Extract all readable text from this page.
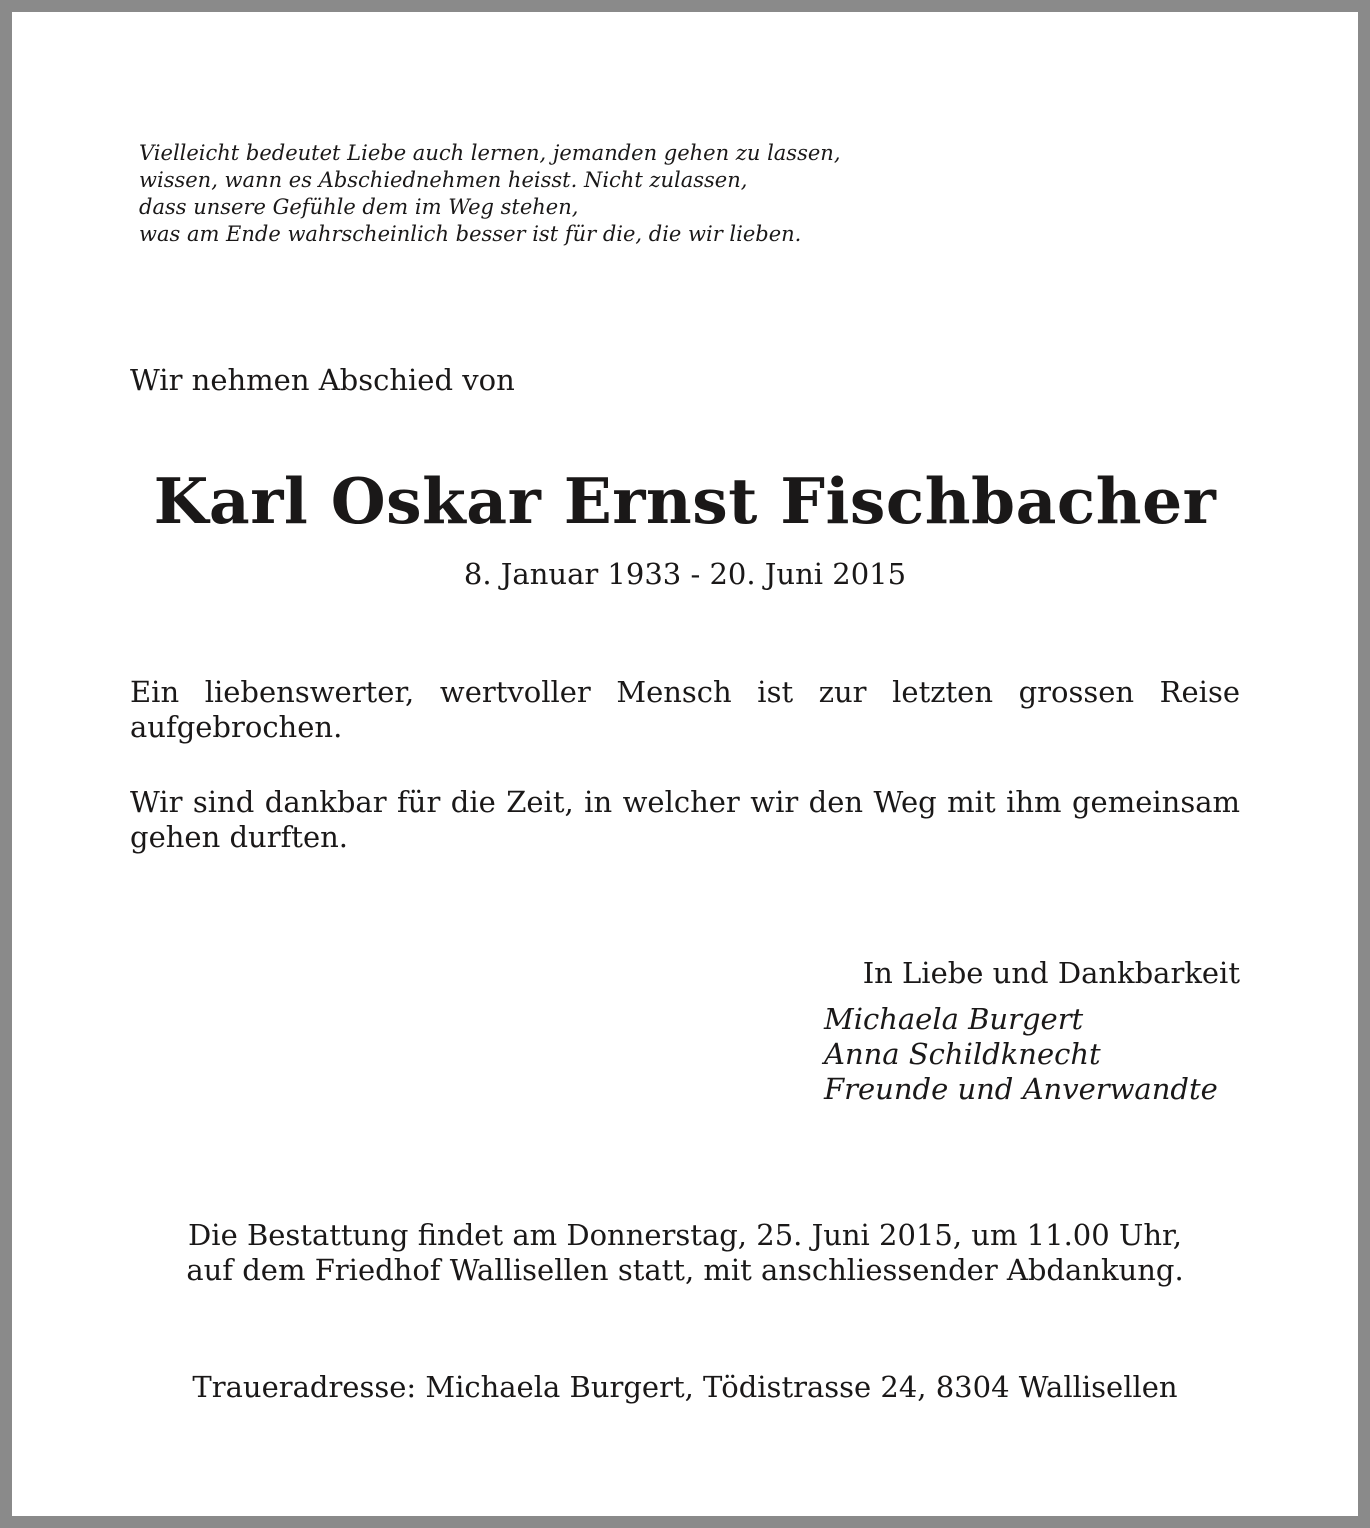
Vielleicht bedeutet Liebe auch lernen, jemanden gehen zu lassen,
wissen, wann es Abschiednehmen heisst. Nicht zulassen,
dass unsere Gefühle dem im Weg stehen,
was am Ende wahrscheinlich besser ist für die, die wir lieben.
Wir nehmen Abschied von
Karl Oskar Ernst Fischbacher
8. Januar 1933 - 20. Juni 2015
Ein liebenswerter, wertvoller Mensch ist zur letzten grossen Reise aufgebrochen.
Wir sind dankbar für die Zeit, in welcher wir den Weg mit ihm gemeinsam gehen durften.
In Liebe und Dankbarkeit
Michaela Burgert
Anna Schildknecht
Freunde und Anverwandte
Die Bestattung findet am Donnerstag, 25. Juni 2015, um 11.00 Uhr,
auf dem Friedhof Wallisellen statt, mit anschliessender Abdankung.
Traueradresse: Michaela Burgert, Tödistrasse 24, 8304 Wallisellen
